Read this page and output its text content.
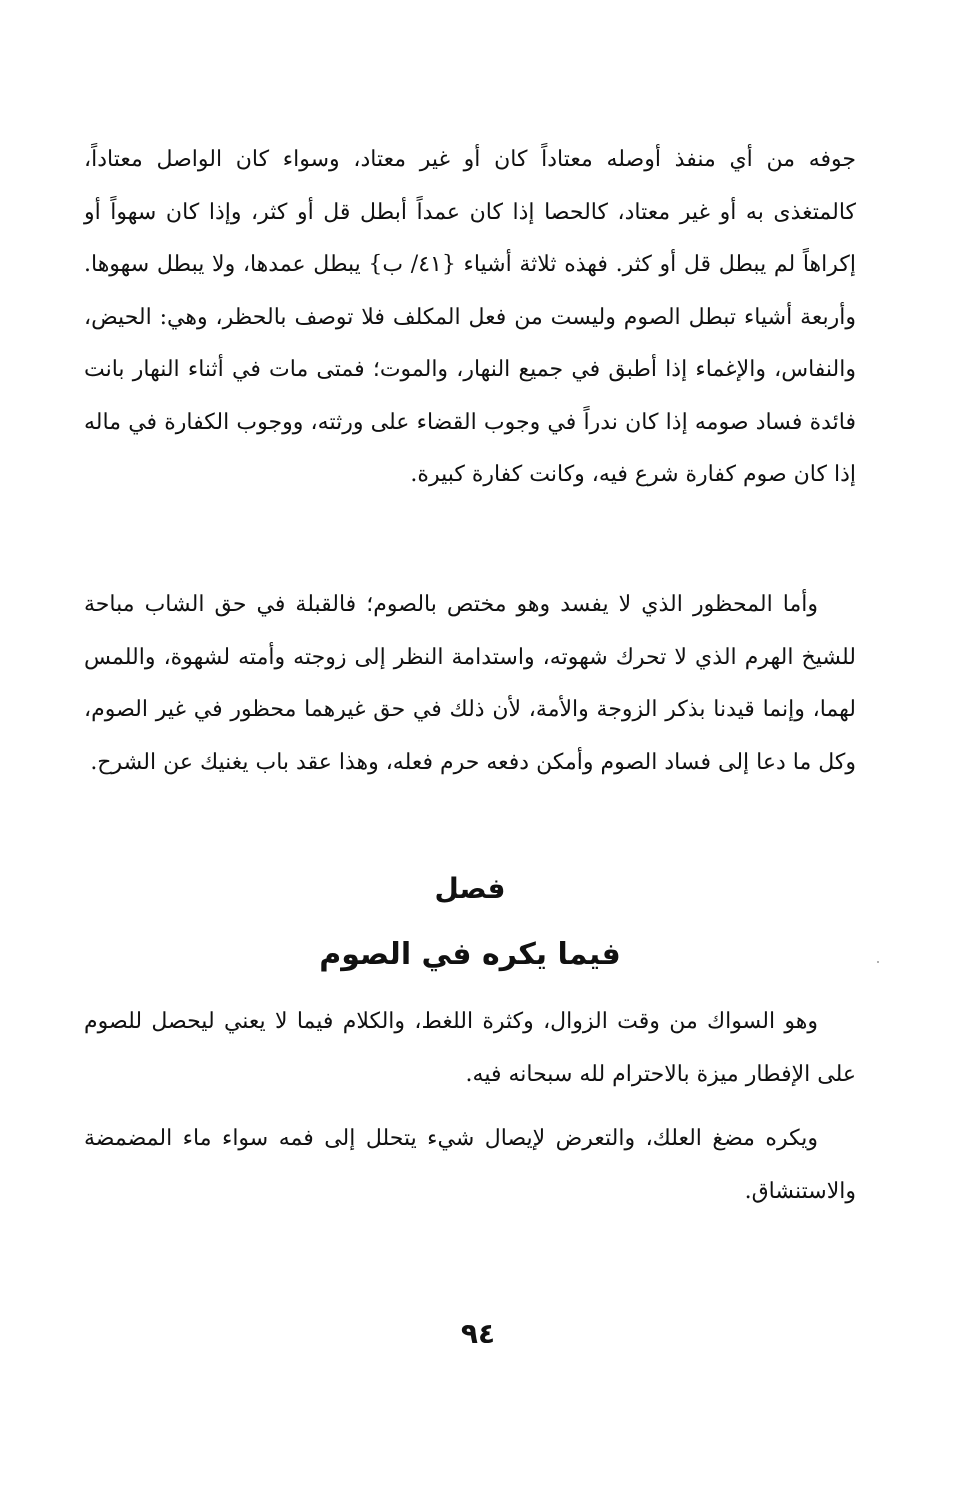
جوفه من أي منفذ أوصله معتاداً كان أو غير معتاد، وسواء كان الواصل معتاداً، كالمتغذى به أو غير معتاد، كالحصا إذا كان عمداً أبطل قل أو كثر، وإذا كان سهواً أو إكراهاً لم يبطل قل أو كثر. فهذه ثلاثة أشياء {٤١/ ب} يبطل عمدها، ولا يبطل سهوها. وأربعة أشياء تبطل الصوم وليست من فعل المكلف فلا توصف بالحظر، وهي: الحيض، والنفاس، والإغماء إذا أطبق في جميع النهار، والموت؛ فمتى مات في أثناء النهار بانت فائدة فساد صومه إذا كان ندراً في وجوب القضاء على ورثته، ووجوب الكفارة في ماله إذا كان صوم كفارة شرع فيه، وكانت كفارة كبيرة.

وأما المحظور الذي لا يفسد وهو مختص بالصوم؛ فالقبلة في حق الشاب مباحة للشيخ الهرم الذي لا تحرك شهوته، واستدامة النظر إلى زوجته وأمته لشهوة، واللمس لهما، وإنما قيدنا بذكر الزوجة والأمة، لأن ذلك في حق غيرهما محظور في غير الصوم، وكل ما دعا إلى فساد الصوم وأمكن دفعه حرم فعله، وهذا عقد باب يغنيك عن الشرح.

فصل
فيما يكره في الصوم

وهو السواك من وقت الزوال، وكثرة اللغط، والكلام فيما لا يعني ليحصل للصوم على الإفطار ميزة بالاحترام لله سبحانه فيه.

ويكره مضغ العلك، والتعرض لإيصال شيء يتحلل إلى فمه سواء ماء المضمضة والاستنشاق.

٩٤
